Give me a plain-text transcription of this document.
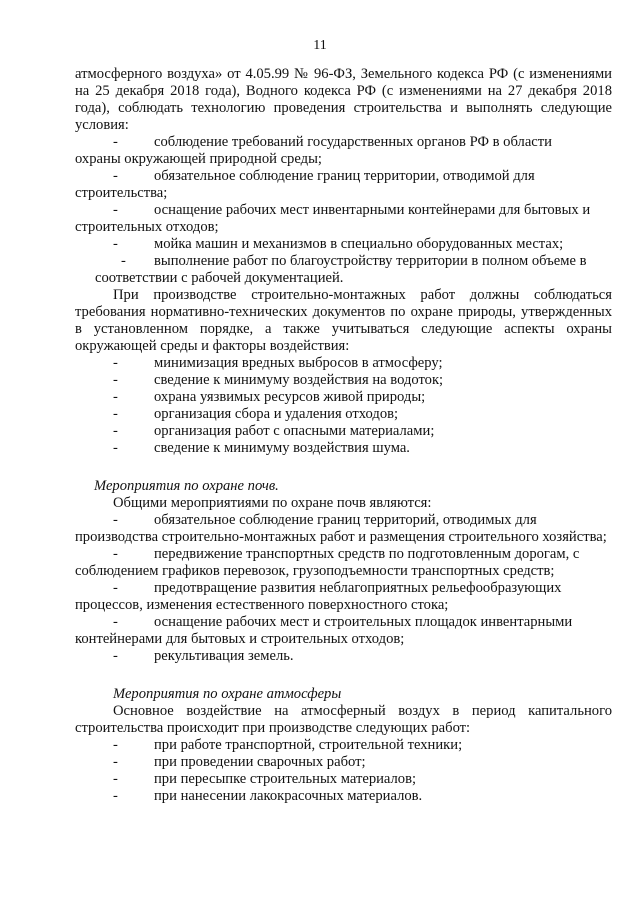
11

атмосферного воздуха» от 4.05.99 № 96-ФЗ, Земельного кодекса РФ (с изменениями на 25 декабря 2018 года), Водного кодекса РФ (с изменениями на 27 декабря 2018 года), соблюдать технологию проведения строительства и выполнять следующие условия:

-	соблюдение требований государственных органов РФ в области

охраны окружающей природной среды;

-	обязательное соблюдение границ территории, отводимой для

строительства;

-	оснащение рабочих мест инвентарными контейнерами для бытовых и

строительных отходов;

-	мойка машин и механизмов в специально оборудованных местах;
-	выполнение работ по благоустройству территории в полном объеме в

соответствии с рабочей документацией.

При производстве строительно-монтажных работ должны соблюдаться требования нормативно-технических документов по охране природы, утвержденных в установленном порядке, а также учитываться следующие аспекты охраны окружающей среды и факторы воздействия:

-	минимизация вредных выбросов в атмосферу;
-	сведение к минимуму воздействия на водоток;
-	охрана уязвимых ресурсов живой природы;
-	организация сбора и удаления отходов;
-	организация работ с опасными материалами;
-	сведение к минимуму воздействия шума.

Мероприятия по охране почв.

Общими мероприятиями по охране почв являются:

-	обязательное соблюдение границ территорий, отводимых для

производства строительно-монтажных работ и размещения строительного хозяйства;

-	передвижение транспортных средств по подготовленным дорогам, с

соблюдением графиков перевозок, грузоподъемности транспортных средств;

-	предотвращение развития неблагоприятных рельефообразующих

процессов, изменения естественного поверхностного стока;

-	оснащение рабочих мест и строительных площадок инвентарными

контейнерами для бытовых и строительных отходов;

-	рекультивация земель.

Мероприятия по охране атмосферы

Основное воздействие на атмосферный воздух в период капитального строительства происходит при производстве следующих работ:

-	при работе транспортной, строительной техники;
-	при проведении сварочных работ;
-	при пересыпке строительных материалов;
-	при нанесении лакокрасочных материалов.
